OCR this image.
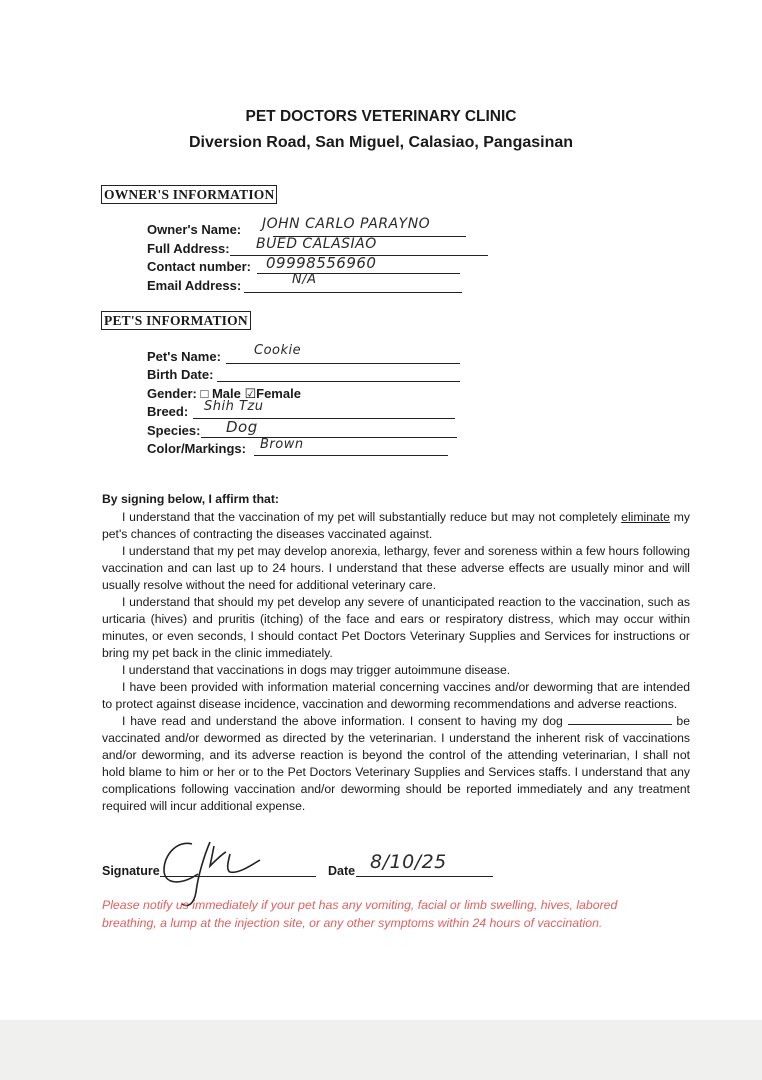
PET DOCTORS VETERINARY CLINIC
Diversion Road, San Miguel, Calasiao, Pangasinan
OWNER'S INFORMATION
Owner's Name: JOHN CARLO PARAYNO
Full Address: BUED CALASIAO
Contact number: 09998556960
Email Address:	N/A
PET'S INFORMATION
Pet's Name:	Cookie
Birth Date:
Gender: □ Male ☑Female
Breed: Shih Tzu
Species: Dog
Color/Markings: Brown

By signing below, I affirm that:

I understand that the vaccination of my pet will substantially reduce but may not completely eliminate my pet's chances of contracting the diseases vaccinated against.

I understand that my pet may develop anorexia, lethargy, fever and soreness within a few hours following vaccination and can last up to 24 hours. I understand that these adverse effects are usually minor and will usually resolve without the need for additional veterinary care.

I understand that should my pet develop any severe of unanticipated reaction to the vaccination, such as urticaria (hives) and pruritis (itching) of the face and ears or respiratory distress, which may occur within minutes, or even seconds, I should contact Pet Doctors Veterinary Supplies and Services for instructions or bring my pet back in the clinic immediately.

I understand that vaccinations in dogs may trigger autoimmune disease.

I have been provided with information material concerning vaccines and/or deworming that are intended to protect against disease incidence, vaccination and deworming recommendations and adverse reactions.

I have read and understand the above information. I consent to having my dog	be vaccinated and/or dewormed as directed by the veterinarian. I understand the inherent risk of vaccinations and/or deworming, and its adverse reaction is beyond the control of the attending veterinarian, I shall not hold blame to him or her or to the Pet Doctors Veterinary Supplies and Services staffs. I understand that any complications following vaccination and/or deworming should be reported immediately and any treatment required will incur additional expense.

Signature	Date 8/10/25
Please notify us immediately if your pet has any vomiting, facial or limb swelling, hives, labored breathing, a lump at the injection site, or any other symptoms within 24 hours of vaccination.
